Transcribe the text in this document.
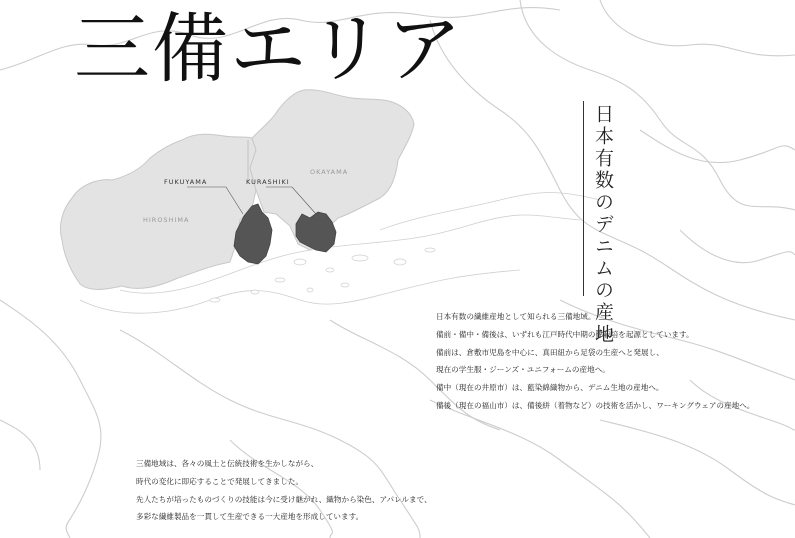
OKAYAMA
HIROSHIMA
FUKUYAMA	KURASHIKI
三備エリア
日本有数のデニムの産地

日本有数の繊維産地として知られる三備地域。

備前・備中・備後は、いずれも江戸時代中期の綿栽培を起源としています。

備前は、倉敷市児島を中心に、真田紐から足袋の生産へと発展し、

現在の学生服・ジーンズ・ユニフォームの産地へ。

備中（現在の井原市）は、藍染綿織物から、デニム生地の産地へ。

備後（現在の福山市）は、備後絣（着物など）の技術を活かし、ワーキングウェアの産地へ。

三備地域は、各々の風土と伝統技術を生かしながら、

時代の変化に即応することで発展してきました。

先人たちが培ったものづくりの技能は今に受け継がれ、織物から染色、アパレルまで、

多彩な繊維製品を一貫して生産できる一大産地を形成しています。
